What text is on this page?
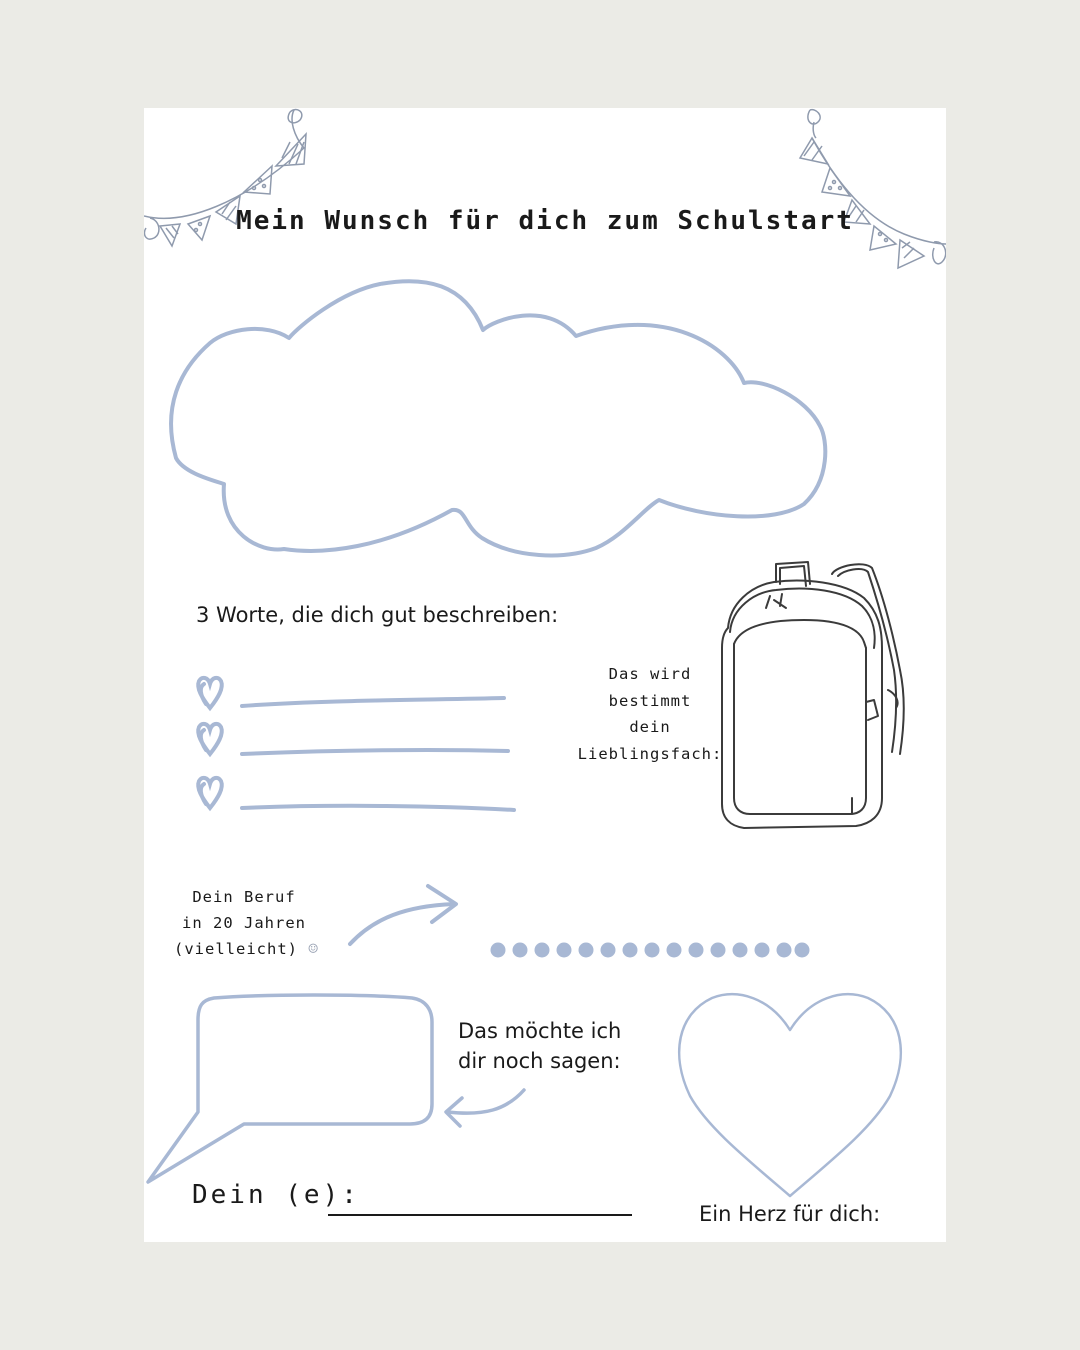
Mein Wunsch für dich zum Schulstart
3 Worte, die dich gut beschreiben:
Das wird
bestimmt
dein
Lieblingsfach:
Dein Beruf
in 20 Jahren
(vielleicht) ☺
Das möchte ich
dir noch sagen:
Dein (e):
Ein Herz für dich:
